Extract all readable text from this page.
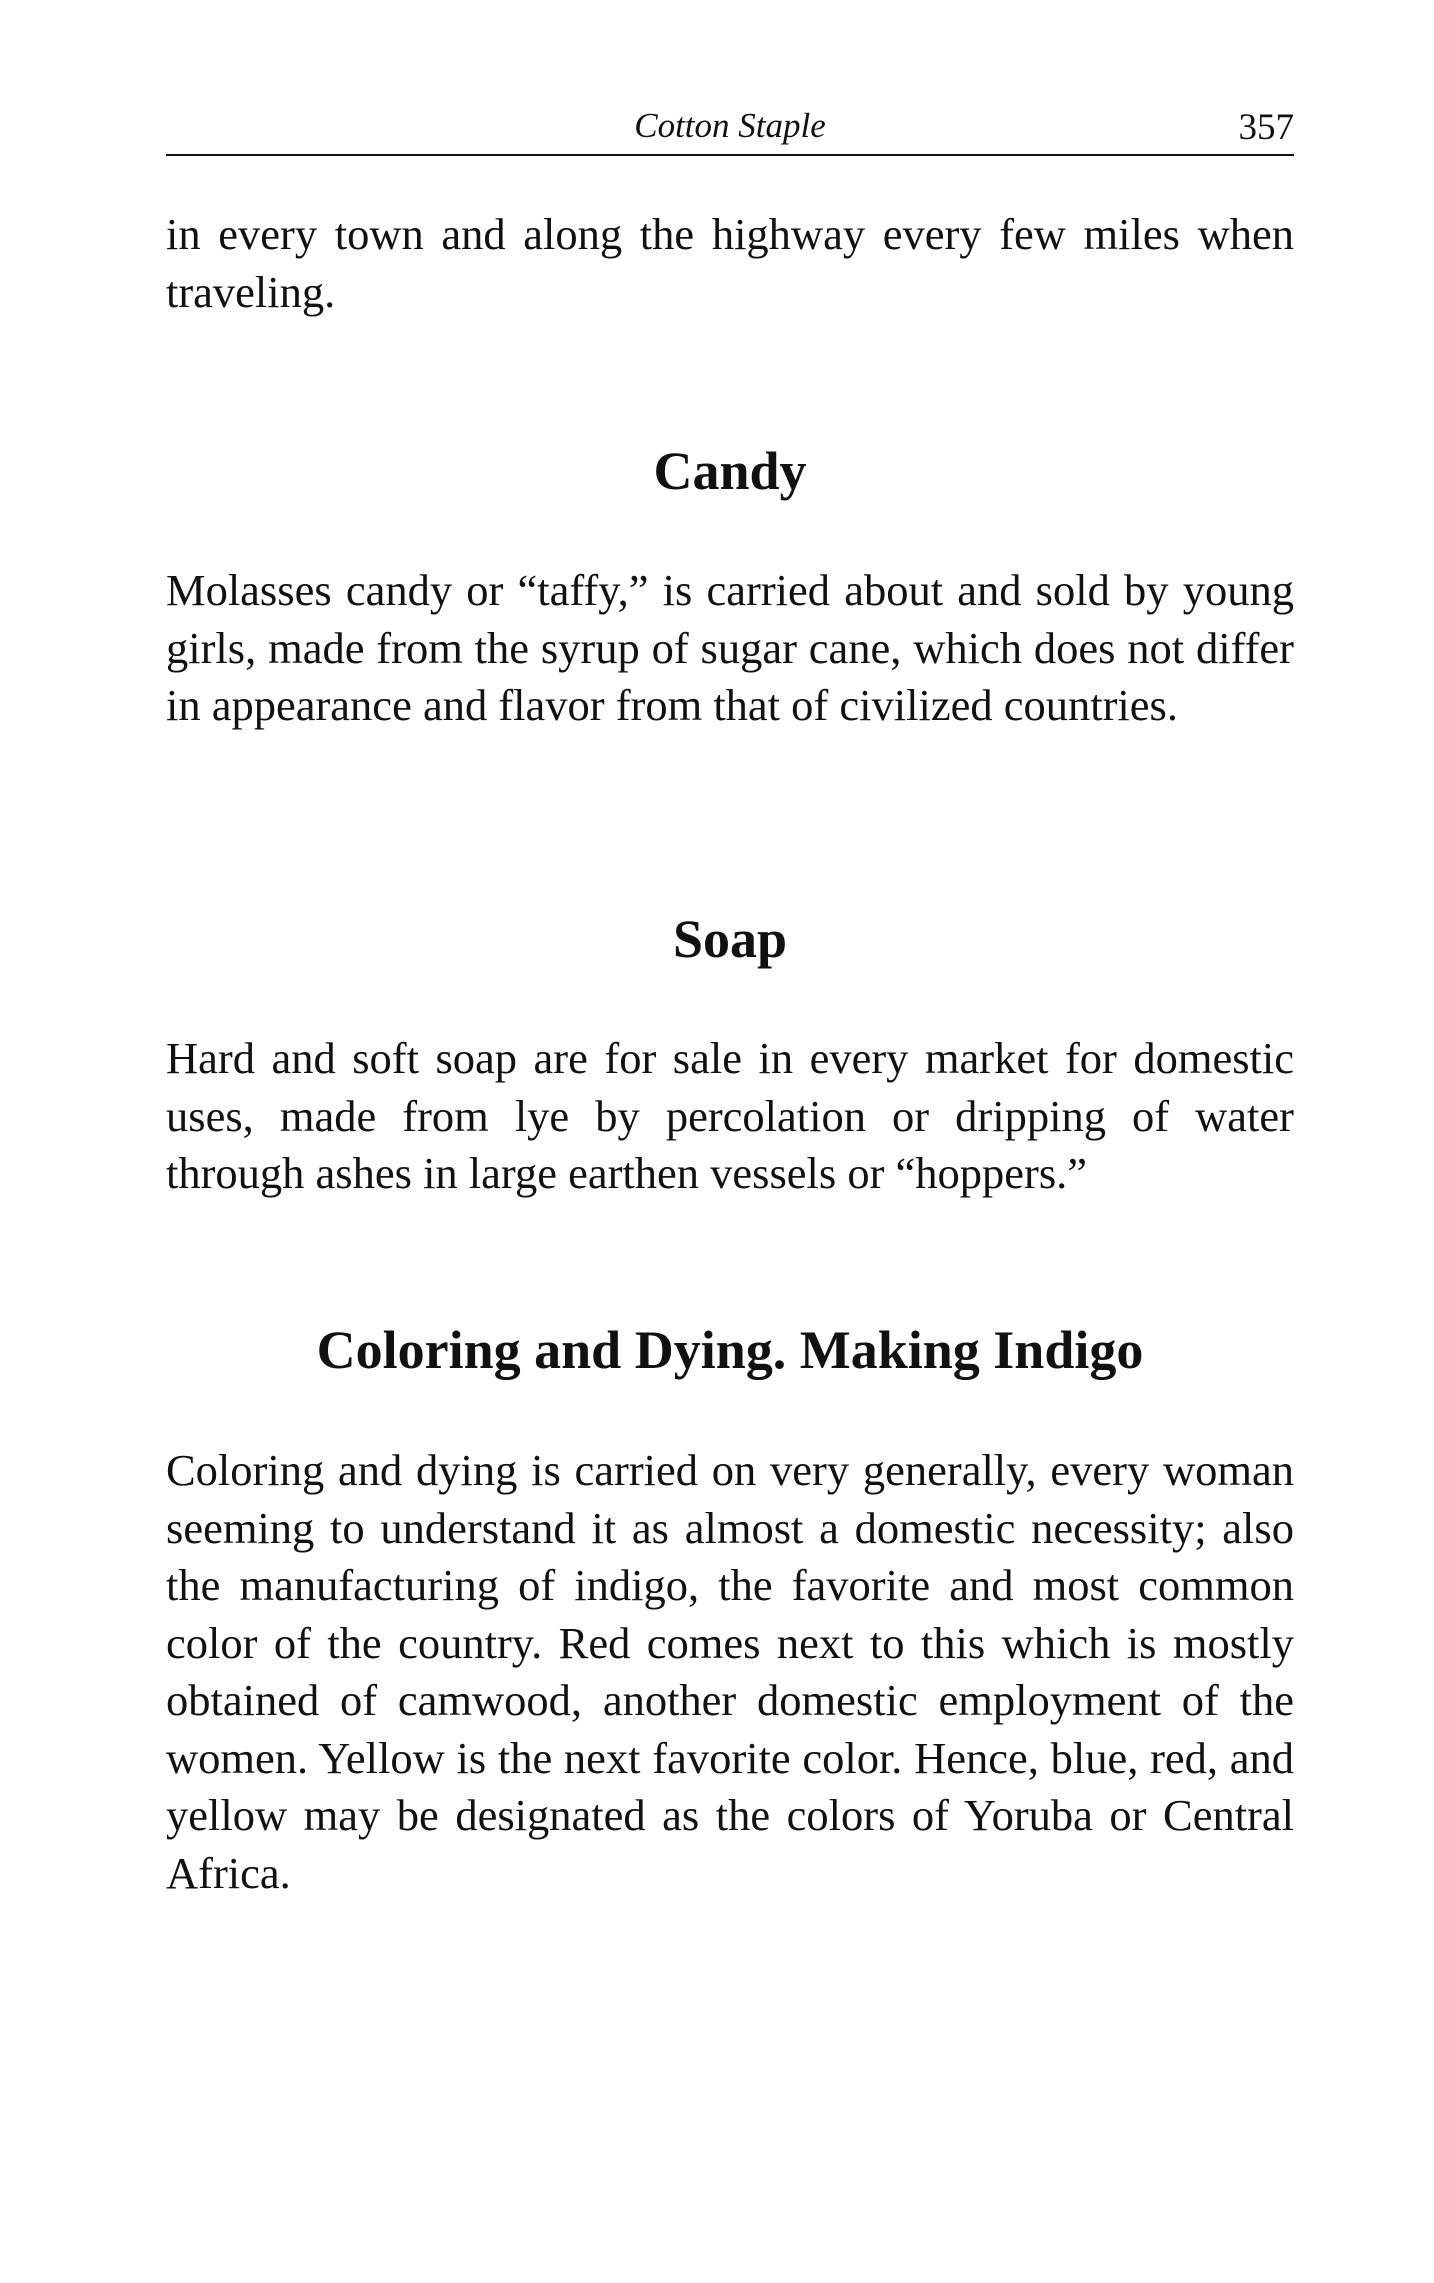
Cotton Staple	357

in every town and along the highway every few miles when traveling.

Candy

Molasses candy or “taffy,” is carried about and sold by young girls, made from the syrup of sugar cane, which does not differ in appearance and flavor from that of civilized countries.

Soap

Hard and soft soap are for sale in every market for domestic uses, made from lye by percolation or dripping of water through ashes in large earthen vessels or “hoppers.”

Coloring and Dying. Making Indigo

Coloring and dying is carried on very generally, every woman seeming to understand it as almost a domestic necessity; also the manufacturing of indigo, the favorite and most common color of the country. Red comes next to this which is mostly obtained of camwood, another domestic employment of the women. Yellow is the next favorite color. Hence, blue, red, and yellow may be designated as the colors of Yoruba or Central Africa.
